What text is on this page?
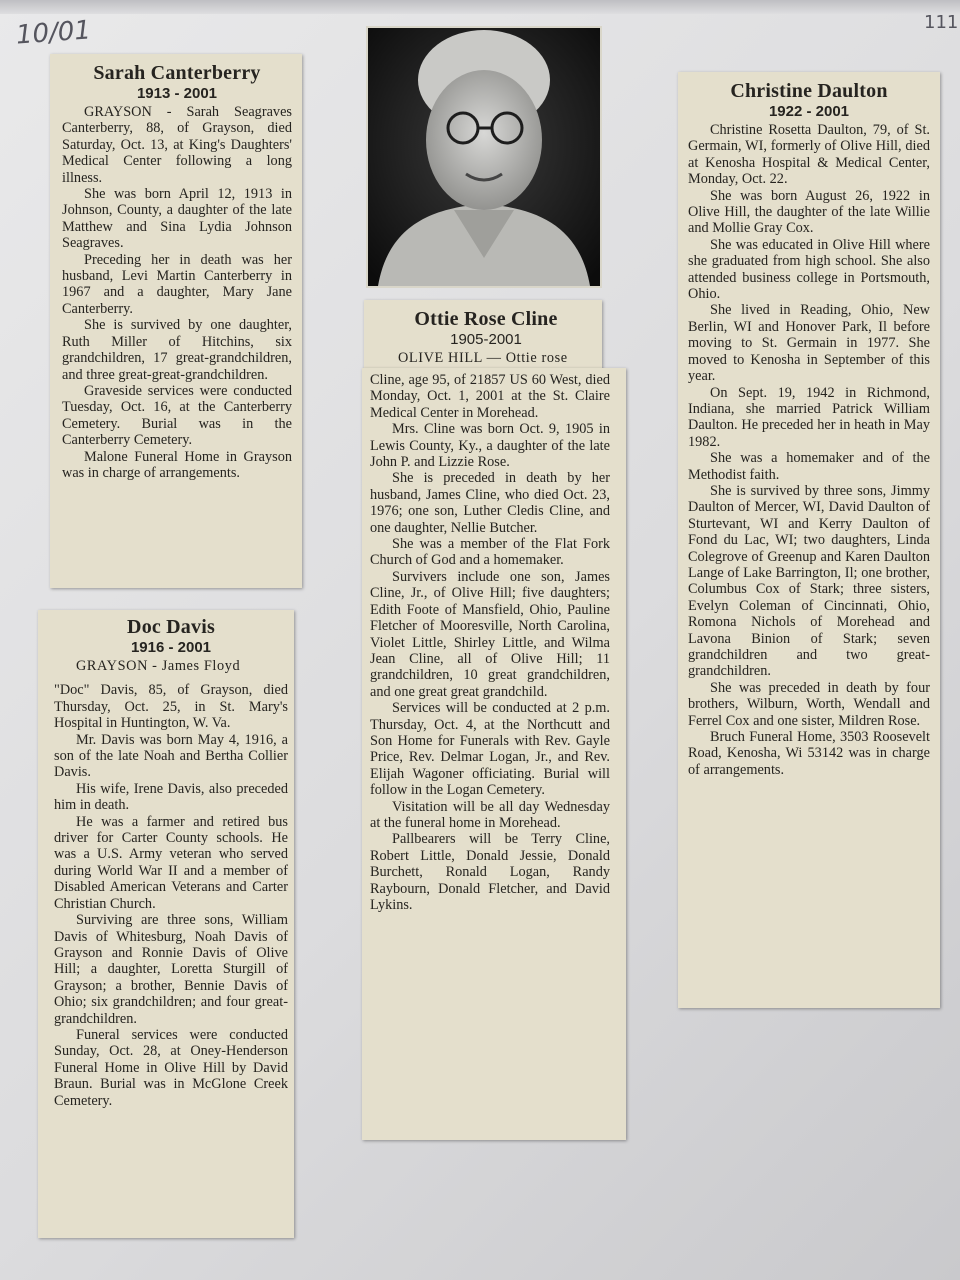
10/01	111
Sarah Canterberry
1913 - 2001

GRAYSON - Sarah Seagraves Canterberry, 88, of Grayson, died Saturday, Oct. 13, at King's Daughters' Medical Center following a long illness.

She was born April 12, 1913 in Johnson, County, a daughter of the late Matthew and Sina Lydia Johnson Seagraves.

Preceding her in death was her husband, Levi Martin Canterberry in 1967 and a daughter, Mary Jane Canterberry.

She is survived by one daughter, Ruth Miller of Hitchins, six grandchildren, 17 great-grandchildren, and three great-great-grandchildren.

Graveside services were conducted Tuesday, Oct. 16, at the Canterberry Cemetery. Burial was in the Canterberry Cemetery.

Malone Funeral Home in Grayson was in charge of arrangements.

Doc Davis
1916 - 2001

GRAYSON - James Floyd

"Doc" Davis, 85, of Grayson, died Thursday, Oct. 25, in St. Mary's Hospital in Huntington, W. Va.

Mr. Davis was born May 4, 1916, a son of the late Noah and Bertha Collier Davis.

His wife, Irene Davis, also preceded him in death.

He was a farmer and retired bus driver for Carter County schools. He was a U.S. Army veteran who served during World War II and a member of Disabled American Veterans and Carter Christian Church.

Surviving are three sons, William Davis of Whitesburg, Noah Davis of Grayson and Ronnie Davis of Olive Hill; a daughter, Loretta Sturgill of Grayson; a brother, Bennie Davis of Ohio; six grandchildren; and four great-grandchildren.

Funeral services were conducted Sunday, Oct. 28, at Oney-Henderson Funeral Home in Olive Hill by David Braun. Burial was in McGlone Creek Cemetery.

Ottie Rose Cline
1905-2001

OLIVE HILL — Ottie rose

Cline, age 95, of 21857 US 60 West, died Monday, Oct. 1, 2001 at the St. Claire Medical Center in Morehead.

Mrs. Cline was born Oct. 9, 1905 in Lewis County, Ky., a daughter of the late John P. and Lizzie Rose.

She is preceded in death by her husband, James Cline, who died Oct. 23, 1976; one son, Luther Cledis Cline, and one daughter, Nellie Butcher.

She was a member of the Flat Fork Church of God and a homemaker.

Survivers include one son, James Cline, Jr., of Olive Hill; five daughters; Edith Foote of Mansfield, Ohio, Pauline Fletcher of Mooresville, North Carolina, Violet Little, Shirley Little, and Wilma Jean Cline, all of Olive Hill; 11 grandchildren, 10 great grandchildren, and one great great grandchild.

Services will be conducted at 2 p.m. Thursday, Oct. 4, at the Northcutt and Son Home for Funerals with Rev. Gayle Price, Rev. Delmar Logan, Jr., and Rev. Elijah Wagoner officiating. Burial will follow in the Logan Cemetery.

Visitation will be all day Wednesday at the funeral home in Morehead.

Pallbearers will be Terry Cline, Robert Little, Donald Jessie, Donald Burchett, Ronald Logan, Randy Raybourn, Donald Fletcher, and David Lykins.

Christine Daulton
1922 - 2001

Christine Rosetta Daulton, 79, of St. Germain, WI, formerly of Olive Hill, died at Kenosha Hospital & Medical Center, Monday, Oct. 22.

She was born August 26, 1922 in Olive Hill, the daughter of the late Willie and Mollie Gray Cox.

She was educated in Olive Hill where she graduated from high school. She also attended business college in Portsmouth, Ohio.

She lived in Reading, Ohio, New Berlin, WI and Honover Park, Il before moving to St. Germain in 1977. She moved to Kenosha in September of this year.

On Sept. 19, 1942 in Richmond, Indiana, she married Patrick William Daulton. He preceded her in heath in May 1982.

She was a homemaker and of the Methodist faith.

She is survived by three sons, Jimmy Daulton of Mercer, WI, David Daulton of Sturtevant, WI and Kerry Daulton of Fond du Lac, WI; two daughters, Linda Colegrove of Greenup and Karen Daulton Lange of Lake Barrington, Il; one brother, Columbus Cox of Stark; three sisters, Evelyn Coleman of Cincinnati, Ohio, Romona Nichols of Morehead and Lavona Binion of Stark; seven grandchildren and two great-grandchildren.

She was preceded in death by four brothers, Wilburn, Worth, Wendall and Ferrel Cox and one sister, Mildren Rose.

Bruch Funeral Home, 3503 Roosevelt Road, Kenosha, Wi 53142 was in charge of arrangements.
